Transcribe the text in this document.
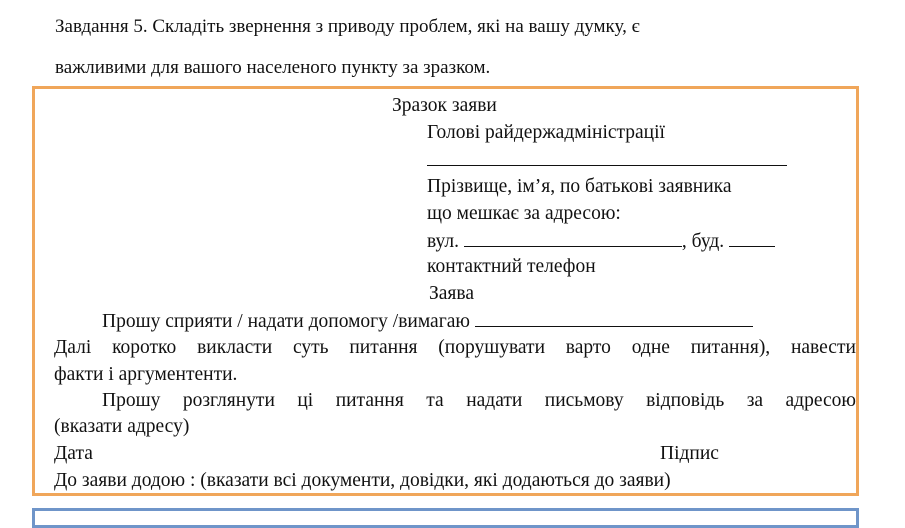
Завдання 5. Складіть звернення з приводу проблем, які на вашу думку, є
важливими для вашого населеного пункту за зразком.
Зразок заяви
Голові райдержадміністрації
Прізвище, ім’я, по батькові заявника
що мешкає за адресою:
вул.	, буд.
контактний телефон
Заява
Прошу сприяти / надати допомогу /вимагаю
Далі коротко викласти суть питання (порушувати варто одне питання), навести
факти і аргументенти.
Прошу розглянути ці питання та надати письмову відповідь за адресою
(вказати адресу)
Дата	Підпис
До заяви додою : (вказати всі документи, довідки, які додаються до заяви)
